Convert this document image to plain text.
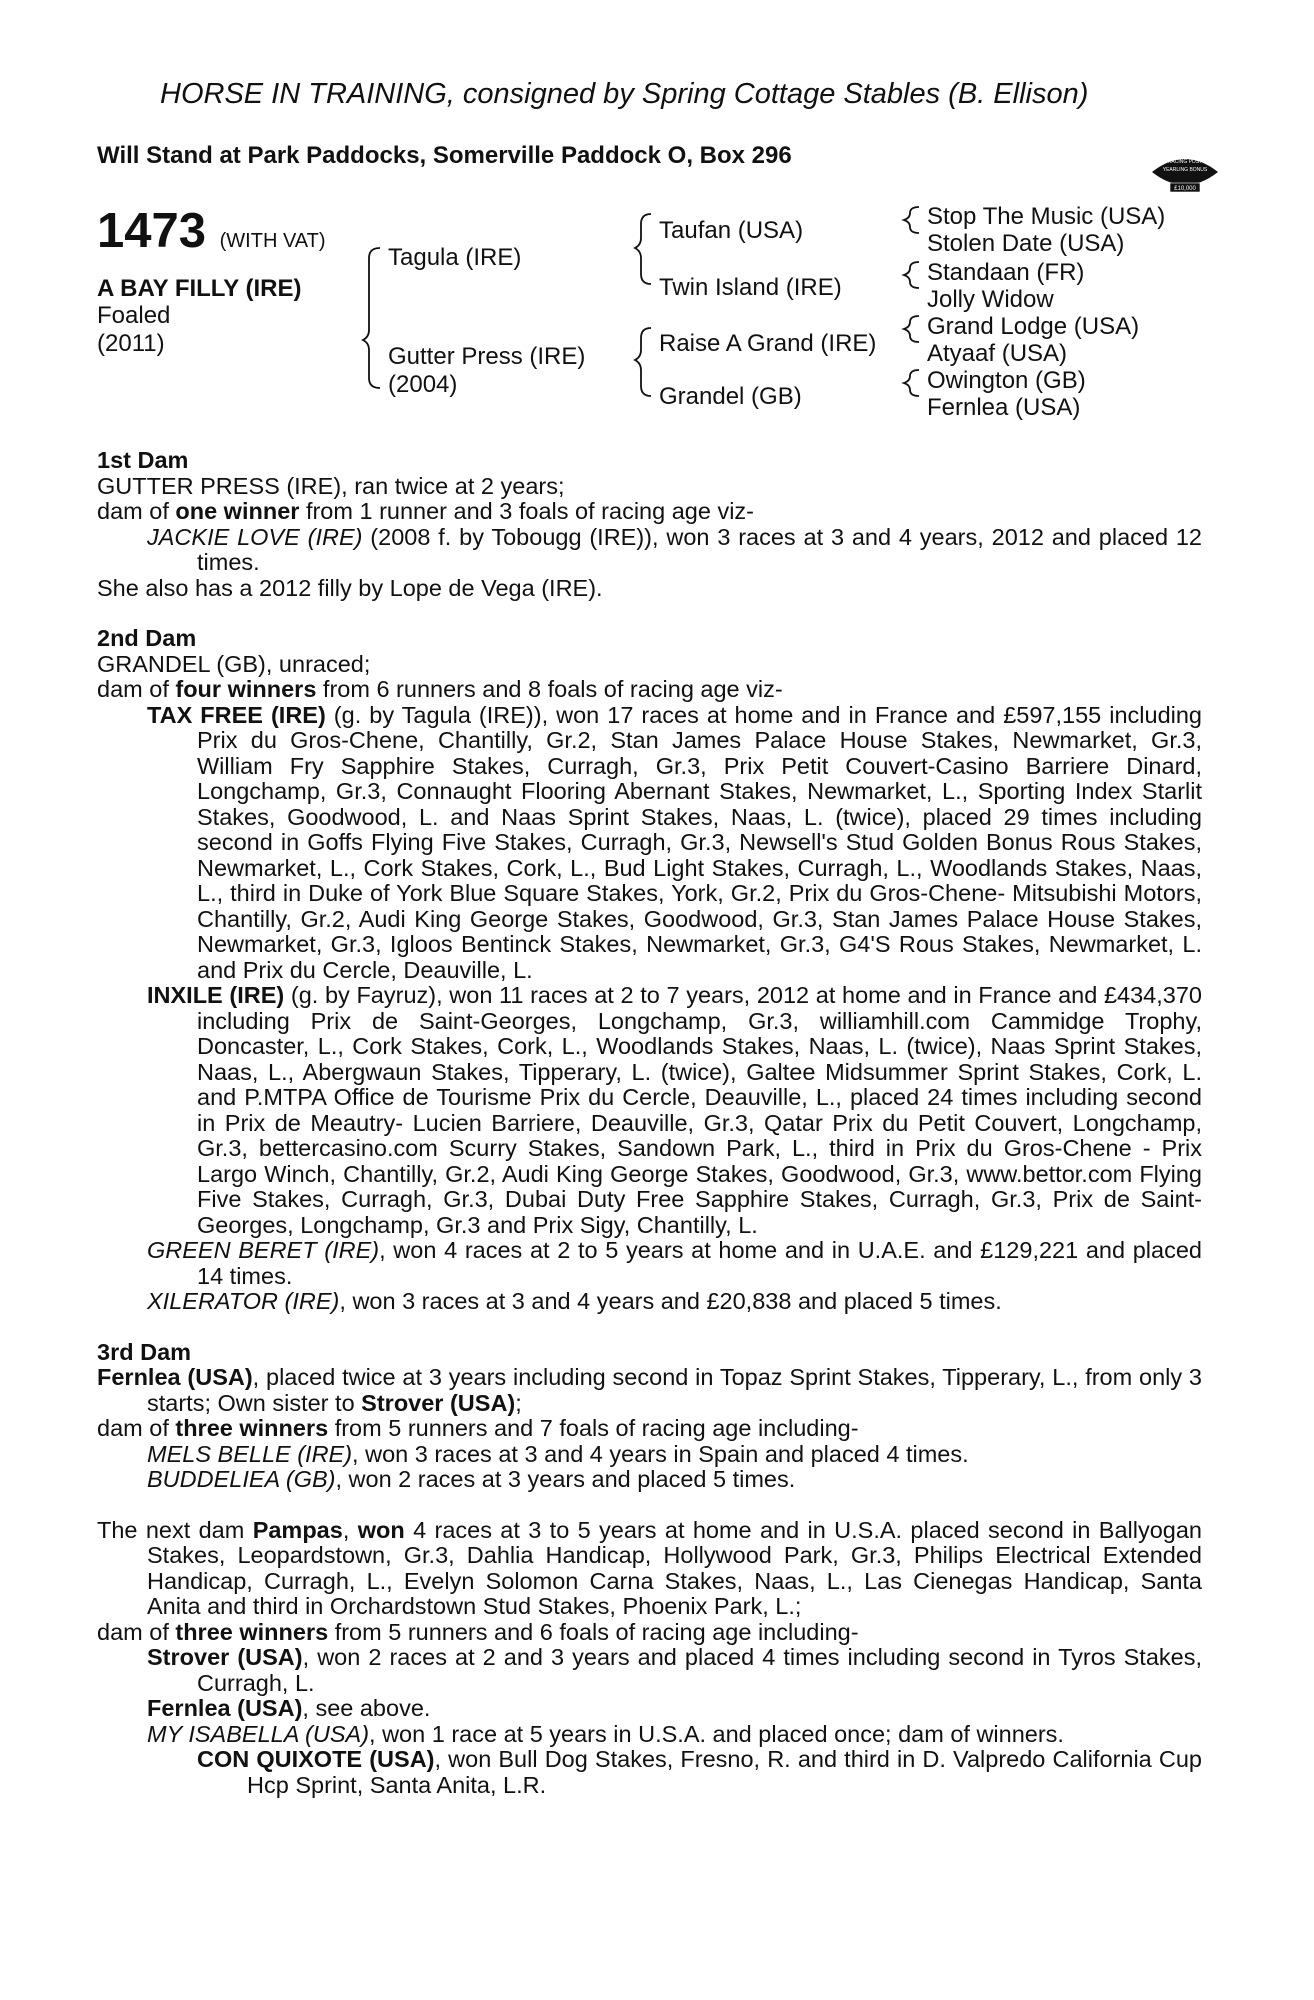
HORSE IN TRAINING, consigned by Spring Cottage Stables (B. Ellison)
Will Stand at Park Paddocks, Somerville Paddock O, Box 296	RACING POST
YEARLING BONUS
£10,000
1473 (WITH VAT)
A BAY FILLY (IRE)
Foaled
(2011)
Tagula (IRE)
Gutter Press (IRE)
(2004)
Taufan (USA)
Twin Island (IRE)
Raise A Grand (IRE)
Grandel (GB)
Stop The Music (USA)
Stolen Date (USA)
Standaan (FR)
Jolly Widow
Grand Lodge (USA)
Atyaaf (USA)
Owington (GB)
Fernlea (USA)

1st Dam

GUTTER PRESS (IRE), ran twice at 2 years;

dam of one winner from 1 runner and 3 foals of racing age viz-

JACKIE LOVE (IRE) (2008 f. by Tobougg (IRE)), won 3 races at 3 and 4 years, 2012 and placed 12 times.

She also has a 2012 filly by Lope de Vega (IRE).

2nd Dam

GRANDEL (GB), unraced;

dam of four winners from 6 runners and 8 foals of racing age viz-

TAX FREE (IRE) (g. by Tagula (IRE)), won 17 races at home and in France and £597,155 including Prix du Gros-Chene, Chantilly, Gr.2, Stan James Palace House Stakes, Newmarket, Gr.3, William Fry Sapphire Stakes, Curragh, Gr.3, Prix Petit Couvert-Casino Barriere Dinard, Longchamp, Gr.3, Connaught Flooring Abernant Stakes, Newmarket, L., Sporting Index Starlit Stakes, Goodwood, L. and Naas Sprint Stakes, Naas, L. (twice), placed 29 times including second in Goffs Flying Five Stakes, Curragh, Gr.3, Newsell's Stud Golden Bonus Rous Stakes, Newmarket, L., Cork Stakes, Cork, L., Bud Light Stakes, Curragh, L., Woodlands Stakes, Naas, L., third in Duke of York Blue Square Stakes, York, Gr.2, Prix du Gros-Chene- Mitsubishi Motors, Chantilly, Gr.2, Audi King George Stakes, Goodwood, Gr.3, Stan James Palace House Stakes, Newmarket, Gr.3, Igloos Bentinck Stakes, Newmarket, Gr.3, G4'S Rous Stakes, Newmarket, L. and Prix du Cercle, Deauville, L.

INXILE (IRE) (g. by Fayruz), won 11 races at 2 to 7 years, 2012 at home and in France and £434,370 including Prix de Saint-Georges, Longchamp, Gr.3, williamhill.com Cammidge Trophy, Doncaster, L., Cork Stakes, Cork, L., Woodlands Stakes, Naas, L. (twice), Naas Sprint Stakes, Naas, L., Abergwaun Stakes, Tipperary, L. (twice), Galtee Midsummer Sprint Stakes, Cork, L. and P.MTPA Office de Tourisme Prix du Cercle, Deauville, L., placed 24 times including second in Prix de Meautry- Lucien Barriere, Deauville, Gr.3, Qatar Prix du Petit Couvert, Longchamp, Gr.3, bettercasino.com Scurry Stakes, Sandown Park, L., third in Prix du Gros-Chene - Prix Largo Winch, Chantilly, Gr.2, Audi King George Stakes, Goodwood, Gr.3, www.bettor.com Flying Five Stakes, Curragh, Gr.3, Dubai Duty Free Sapphire Stakes, Curragh, Gr.3, Prix de Saint-Georges, Longchamp, Gr.3 and Prix Sigy, Chantilly, L.

GREEN BERET (IRE), won 4 races at 2 to 5 years at home and in U.A.E. and £129,221 and placed 14 times.

XILERATOR (IRE), won 3 races at 3 and 4 years and £20,838 and placed 5 times.

3rd Dam

Fernlea (USA), placed twice at 3 years including second in Topaz Sprint Stakes, Tipperary, L., from only 3 starts; Own sister to Strover (USA);

dam of three winners from 5 runners and 7 foals of racing age including-

MELS BELLE (IRE), won 3 races at 3 and 4 years in Spain and placed 4 times.

BUDDELIEA (GB), won 2 races at 3 years and placed 5 times.

The next dam Pampas, won 4 races at 3 to 5 years at home and in U.S.A. placed second in Ballyogan Stakes, Leopardstown, Gr.3, Dahlia Handicap, Hollywood Park, Gr.3, Philips Electrical Extended Handicap, Curragh, L., Evelyn Solomon Carna Stakes, Naas, L., Las Cienegas Handicap, Santa Anita and third in Orchardstown Stud Stakes, Phoenix Park, L.;

dam of three winners from 5 runners and 6 foals of racing age including-

Strover (USA), won 2 races at 2 and 3 years and placed 4 times including second in Tyros Stakes, Curragh, L.

Fernlea (USA), see above.

MY ISABELLA (USA), won 1 race at 5 years in U.S.A. and placed once; dam of winners.

CON QUIXOTE (USA), won Bull Dog Stakes, Fresno, R. and third in D. Valpredo California Cup Hcp Sprint, Santa Anita, L.R.
